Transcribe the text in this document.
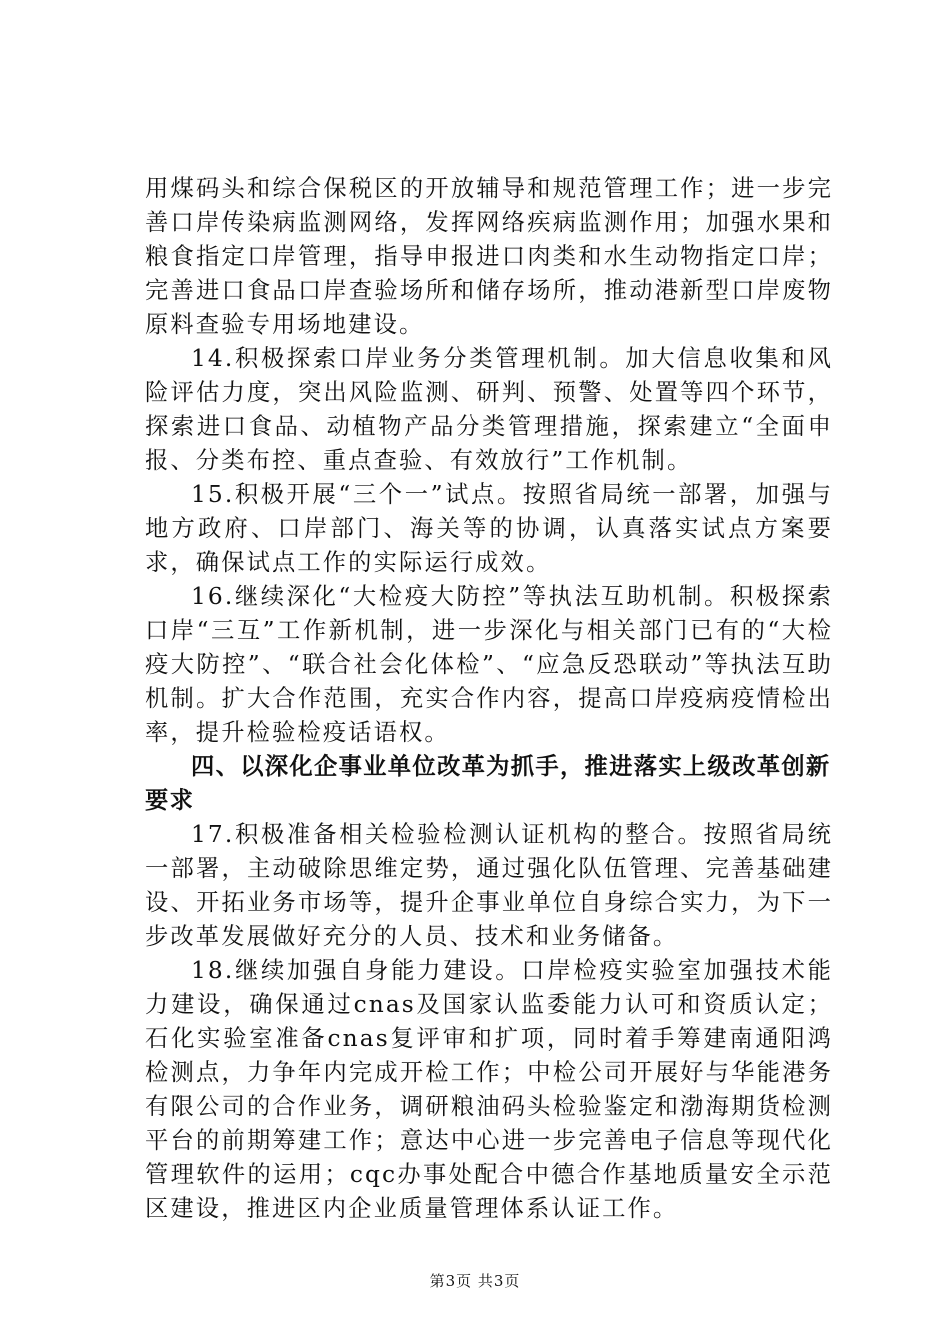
用煤码头和综合保税区的开放辅导和规范管理工作；进一步完善口岸传染病监测网络，发挥网络疾病监测作用；加强水果和粮食指定口岸管理，指导申报进口肉类和水生动物指定口岸；完善进口食品口岸查验场所和储存场所，推动港新型口岸废物原料查验专用场地建设。

14.积极探索口岸业务分类管理机制。加大信息收集和风险评估力度，突出风险监测、研判、预警、处置等四个环节，探索进口食品、动植物产品分类管理措施，探索建立“全面申报、分类布控、重点查验、有效放行”工作机制。

15.积极开展“三个一”试点。按照省局统一部署，加强与地方政府、口岸部门、海关等的协调，认真落实试点方案要求，确保试点工作的实际运行成效。

16.继续深化“大检疫大防控”等执法互助机制。积极探索口岸“三互”工作新机制，进一步深化与相关部门已有的“大检疫大防控”、“联合社会化体检”、“应急反恐联动”等执法互助机制。扩大合作范围，充实合作内容，提高口岸疫病疫情检出率，提升检验检疫话语权。

四、以深化企事业单位改革为抓手，推进落实上级改革创新要求

17.积极准备相关检验检测认证机构的整合。按照省局统一部署，主动破除思维定势，通过强化队伍管理、完善基础建设、开拓业务市场等，提升企事业单位自身综合实力，为下一步改革发展做好充分的人员、技术和业务储备。

18.继续加强自身能力建设。口岸检疫实验室加强技术能力建设，确保通过cnas及国家认监委能力认可和资质认定；石化实验室准备cnas复评审和扩项，同时着手筹建南通阳鸿检测点，力争年内完成开检工作；中检公司开展好与华能港务有限公司的合作业务，调研粮油码头检验鉴定和渤海期货检测平台的前期筹建工作；意达中心进一步完善电子信息等现代化管理软件的运用；cqc办事处配合中德合作基地质量安全示范区建设，推进区内企业质量管理体系认证工作。

第3页 共3页
